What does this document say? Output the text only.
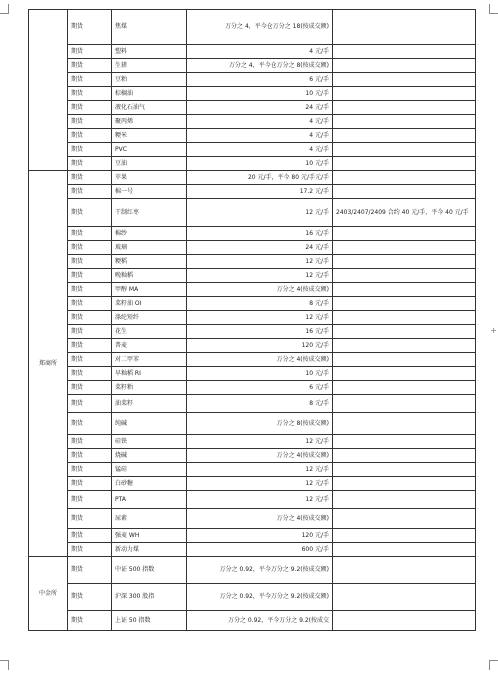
+
	期货	焦煤	万分之 4，平今仓万分之 18(按成交额)	
	期货	塑料	4 元/手	
	期货	生猪	万分之 4，平今仓万分之 8(按成交额)	
	期货	豆粕	6 元/手	
	期货	棕榈油	10 元/手	
	期货	液化石油气	24 元/手	
	期货	聚丙烯	4 元/手	
	期货	粳米	4 元/手	
	期货	PVC	4 元/手	
	期货	豆油	10 元/手	
郑商所	期货	苹果	20 元/手，平今 80 元/手元/手	
	期货	棉一号	17.2 元/手	
	期货	干制红枣	12 元/手	2403/2407/2409 合约 40 元/手，平今 40 元/手
	期货	棉纱	16 元/手	
	期货	玻璃	24 元/手	
	期货	粳稻	12 元/手	
	期货	晚籼稻	12 元/手	
	期货	甲醇 MA	万分之 4(按成交额)	
	期货	菜籽油 OI	8 元/手	
	期货	涤纶短纤	12 元/手	
	期货	花生	16 元/手	
	期货	普麦	120 元/手	
	期货	对二甲苯	万分之 4(按成交额)	
	期货	早籼稻 RI	10 元/手	
	期货	菜籽粕	6 元/手	
	期货	油菜籽	8 元/手	
	期货	纯碱	万分之 8(按成交额)	
	期货	硅铁	12 元/手	
	期货	烧碱	万分之 4(按成交额)	
	期货	锰硅	12 元/手	
	期货	白砂糖	12 元/手	
	期货	PTA	12 元/手	
	期货	尿素	万分之 4(按成交额)	
	期货	强麦 WH	120 元/手	
	期货	新动力煤	600 元/手	
中金所	期货	中证 500 指数	万分之 0.92，平今万分之 9.2(按成交额)	
	期货	沪深 300 股指	万分之 0.92，平今万分之 9.2(按成交额)	
	期货	上证 50 指数	万分之 0.92，平今万分之 9.2(按成交	
